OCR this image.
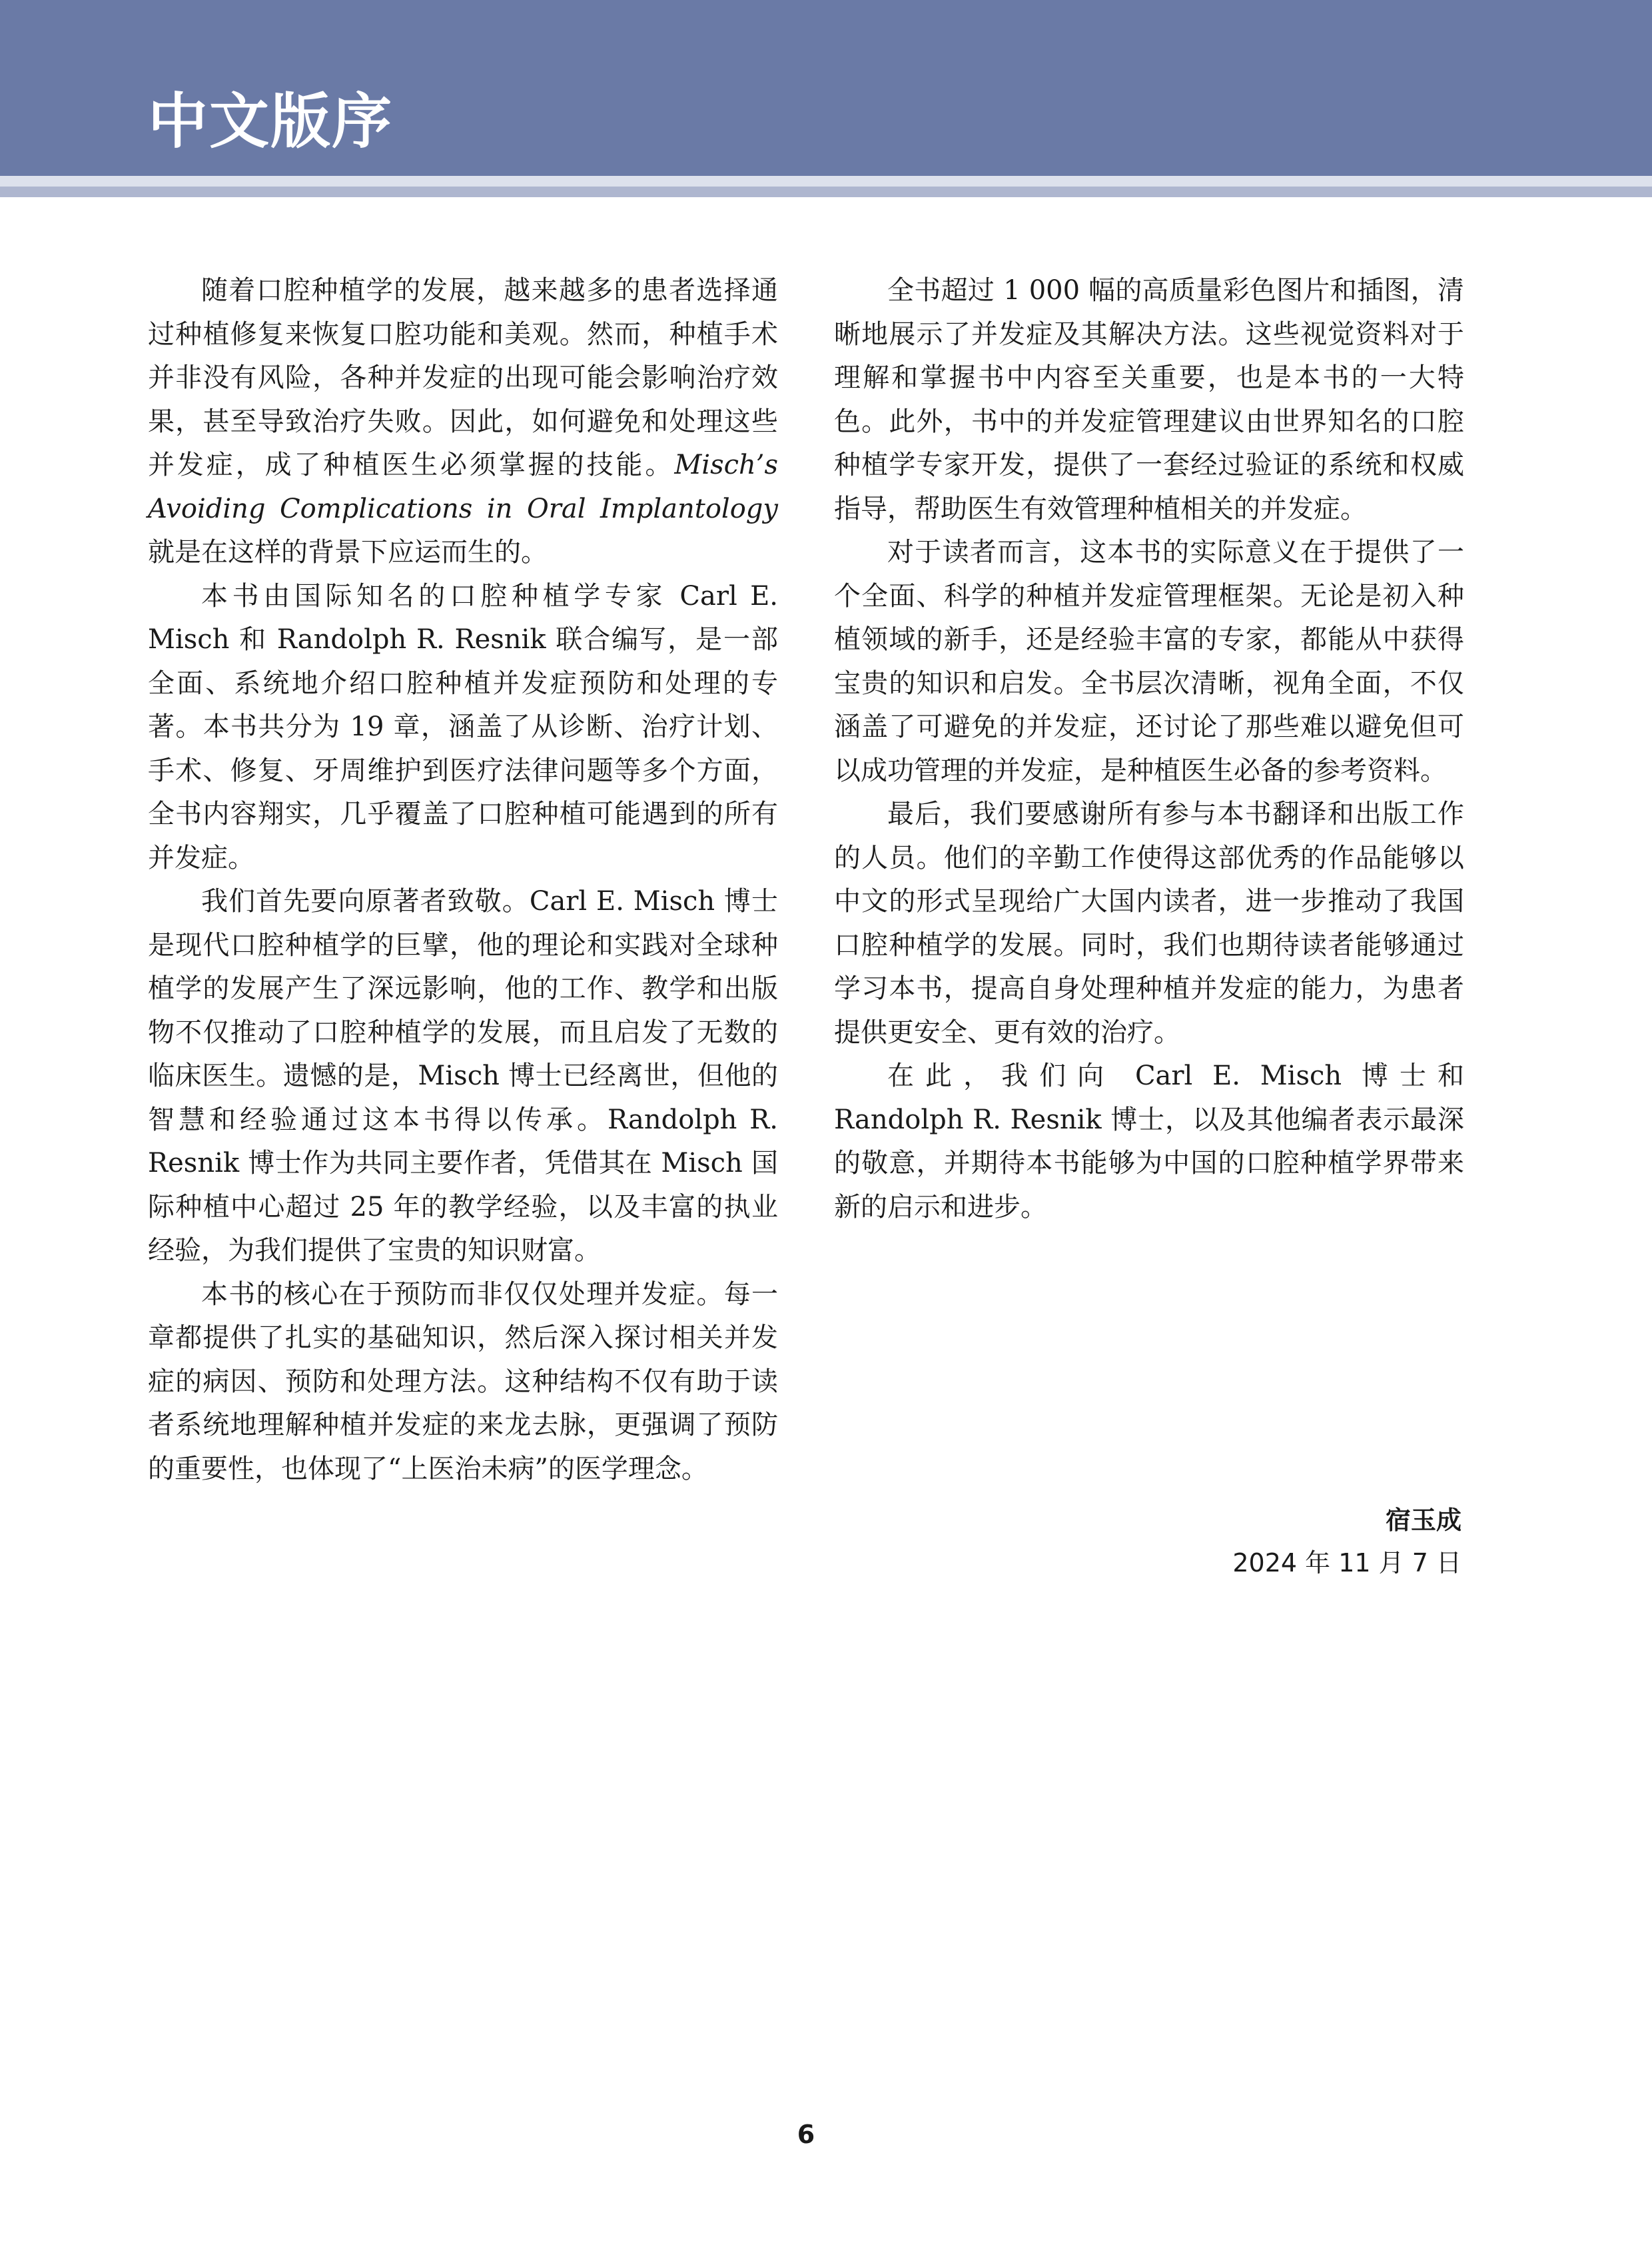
中文版序

随着口腔种植学的发展，越来越多的患者选择通过种植修复来恢复口腔功能和美观。然而，种植手术并非没有风险，各种并发症的出现可能会影响治疗效果，甚至导致治疗失败。因此，如何避免和处理这些并发症，成了种植医生必须掌握的技能。Misch’s Avoiding Complications in Oral Implantology就是在这样的背景下应运而生的。

本书由国际知名的口腔种植学专家 Carl E. Misch 和 Randolph R. Resnik 联合编写，是一部全面、系统地介绍口腔种植并发症预防和处理的专著。本书共分为 19 章，涵盖了从诊断、治疗计划、手术、修复、牙周维护到医疗法律问题等多个方面，全书内容翔实，几乎覆盖了口腔种植可能遇到的所有并发症。

我们首先要向原著者致敬。Carl E. Misch 博士是现代口腔种植学的巨擘，他的理论和实践对全球种植学的发展产生了深远影响，他的工作、教学和出版物不仅推动了口腔种植学的发展，而且启发了无数的临床医生。遗憾的是，Misch 博士已经离世，但他的智慧和经验通过这本书得以传承。Randolph R. Resnik 博士作为共同主要作者，凭借其在 Misch 国际种植中心超过 25 年的教学经验，以及丰富的执业经验，为我们提供了宝贵的知识财富。

本书的核心在于预防而非仅仅处理并发症。每一章都提供了扎实的基础知识，然后深入探讨相关并发症的病因、预防和处理方法。这种结构不仅有助于读者系统地理解种植并发症的来龙去脉，更强调了预防的重要性，也体现了“上医治未病”的医学理念。

全书超过 1 000 幅的高质量彩色图片和插图，清晰地展示了并发症及其解决方法。这些视觉资料对于理解和掌握书中内容至关重要，也是本书的一大特色。此外，书中的并发症管理建议由世界知名的口腔种植学专家开发，提供了一套经过验证的系统和权威指导，帮助医生有效管理种植相关的并发症。

对于读者而言，这本书的实际意义在于提供了一个全面、科学的种植并发症管理框架。无论是初入种植领域的新手，还是经验丰富的专家，都能从中获得宝贵的知识和启发。全书层次清晰，视角全面，不仅涵盖了可避免的并发症，还讨论了那些难以避免但可以成功管理的并发症，是种植医生必备的参考资料。

最后，我们要感谢所有参与本书翻译和出版工作的人员。他们的辛勤工作使得这部优秀的作品能够以中文的形式呈现给广大国内读者，进一步推动了我国口腔种植学的发展。同时，我们也期待读者能够通过学习本书，提高自身处理种植并发症的能力，为患者提供更安全、更有效的治疗。

在此，我们向 Carl E. Misch 博士和 Randolph R. Resnik 博士，以及其他编者表示最深的敬意，并期待本书能够为中国的口腔种植学界带来新的启示和进步。

宿玉成
2024 年 11 月 7 日
6
